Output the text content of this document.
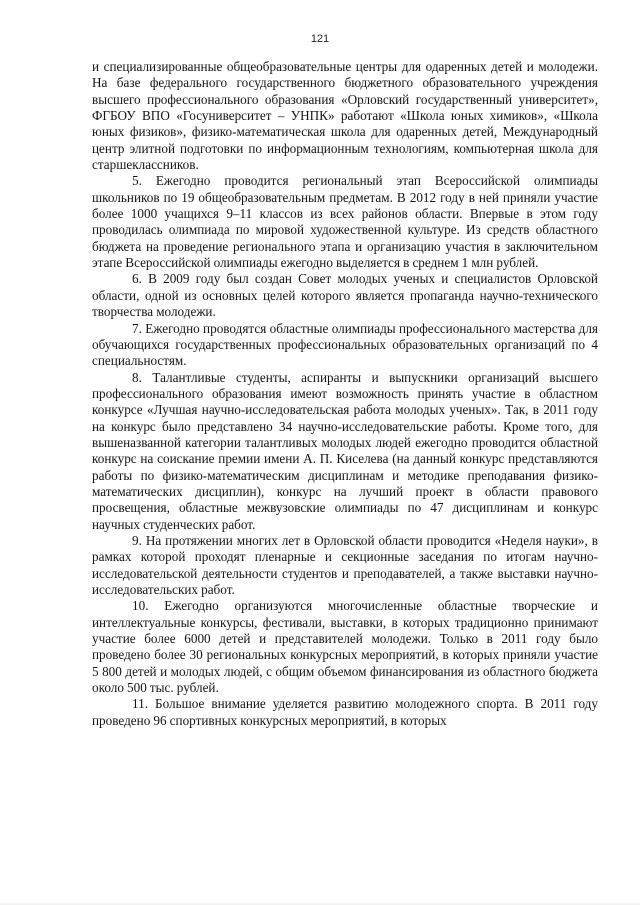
121

и специализированные общеобразовательные центры для одаренных детей и молодежи. На базе федерального государственного бюджетного образовательного учреждения высшего профессионального образования «Орловский государственный университет», ФГБОУ ВПО «Госуниверситет – УНПК» работают «Школа юных химиков», «Школа юных физиков», физико-математическая школа для одаренных детей, Международный центр элитной подготовки по информационным технологиям, компьютерная школа для старшеклассников.

5. Ежегодно проводится региональный этап Всероссийской олимпиады школьников по 19 общеобразовательным предметам. В 2012 году в ней приняли участие более 1000 учащихся 9–11 классов из всех районов области. Впервые в этом году проводилась олимпиада по мировой художественной культуре. Из средств областного бюджета на проведение регионального этапа и организацию участия в заключительном этапе Всероссийской олимпиады ежегодно выделяется в среднем 1 млн рублей.

6. В 2009 году был создан Совет молодых ученых и специалистов Орловской области, одной из основных целей которого является пропаганда научно-технического творчества молодежи.

7. Ежегодно проводятся областные олимпиады профессионального мастерства для обучающихся государственных профессиональных образовательных организаций по 4 специальностям.

8. Талантливые студенты, аспиранты и выпускники организаций высшего профессионального образования имеют возможность принять участие в областном конкурсе «Лучшая научно-исследовательская работа молодых ученых». Так, в 2011 году на конкурс было представлено 34 научно-исследовательские работы. Кроме того, для вышеназванной категории талантливых молодых людей ежегодно проводится областной конкурс на соискание премии имени А. П. Киселева (на данный конкурс представляются работы по физико-математическим дисциплинам и методике преподавания физико-математических дисциплин), конкурс на лучший проект в области правового просвещения, областные межвузовские олимпиады по 47 дисциплинам и конкурс научных студенческих работ.

9. На протяжении многих лет в Орловской области проводится «Неделя науки», в рамках которой проходят пленарные и секционные заседания по итогам научно-исследовательской деятельности студентов и преподавателей, а также выставки научно-исследовательских работ.

10. Ежегодно организуются многочисленные областные творческие и интеллектуальные конкурсы, фестивали, выставки, в которых традиционно принимают участие более 6000 детей и представителей молодежи. Только в 2011 году было проведено более 30 региональных конкурсных мероприятий, в которых приняли участие 5 800 детей и молодых людей, с общим объемом финансирования из областного бюджета около 500 тыс. рублей.

11. Большое внимание уделяется развитию молодежного спорта. В 2011 году проведено 96 спортивных конкурсных мероприятий, в которых
